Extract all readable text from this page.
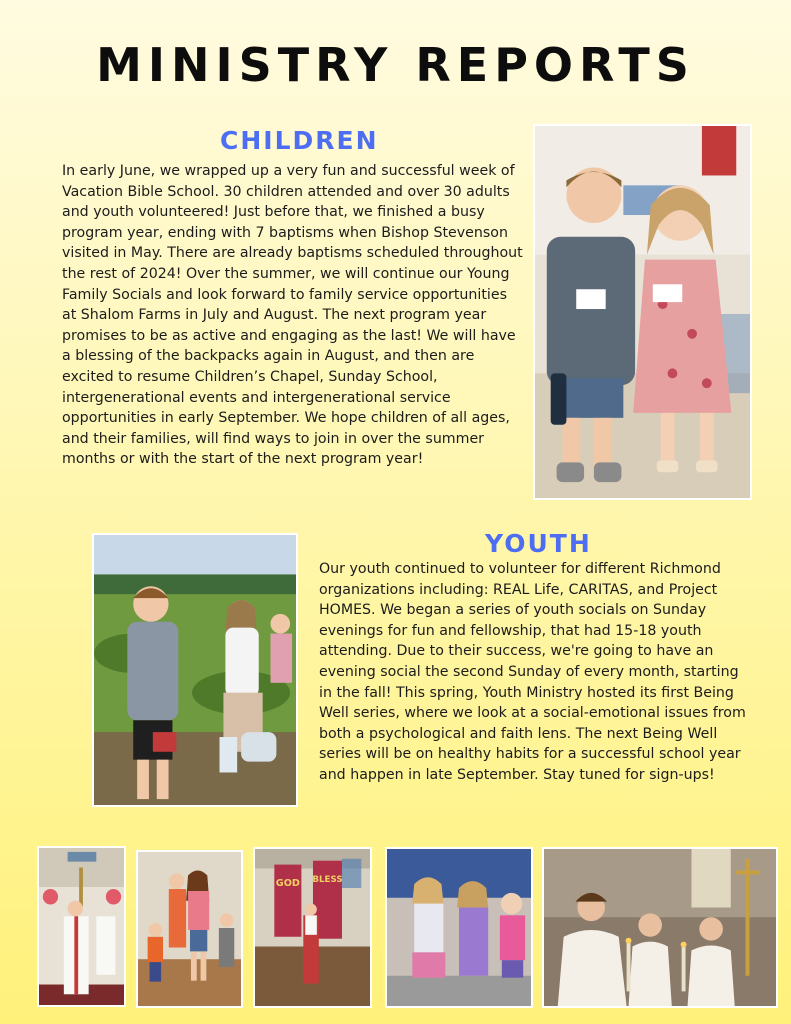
MINISTRY REPORTS
CHILDREN
In early June, we wrapped up a very fun and successful week of Vacation Bible School. 30 children attended and over 30 adults and youth volunteered! Just before that, we finished a busy program year, ending with 7 baptisms when Bishop Stevenson visited in May. There are already baptisms scheduled throughout the rest of 2024! Over the summer, we will continue our Young Family Socials and look forward to family service opportunities at Shalom Farms in July and August. The next program year promises to be as active and engaging as the last! We will have a blessing of the backpacks again in August, and then are excited to resume Children’s Chapel, Sunday School, intergenerational events and intergenerational service opportunities in early September. We hope children of all ages, and their families, will find ways to join in over the summer months or with the start of the next program year!
YOUTH
Our youth continued to volunteer for different Richmond organizations including: REAL Life, CARITAS, and Project HOMES. We began a series of youth socials on Sunday evenings for fun and fellowship, that had 15-18 youth attending. Due to their success, we're going to have an evening social the second Sunday of every month, starting in the fall! This spring, Youth Ministry hosted its first Being Well series, where we look at a social-emotional issues from both a psychological and faith lens. The next Being Well series will be on healthy habits for a successful school year and happen in late September. Stay tuned for sign-ups!
GOD BLESS
